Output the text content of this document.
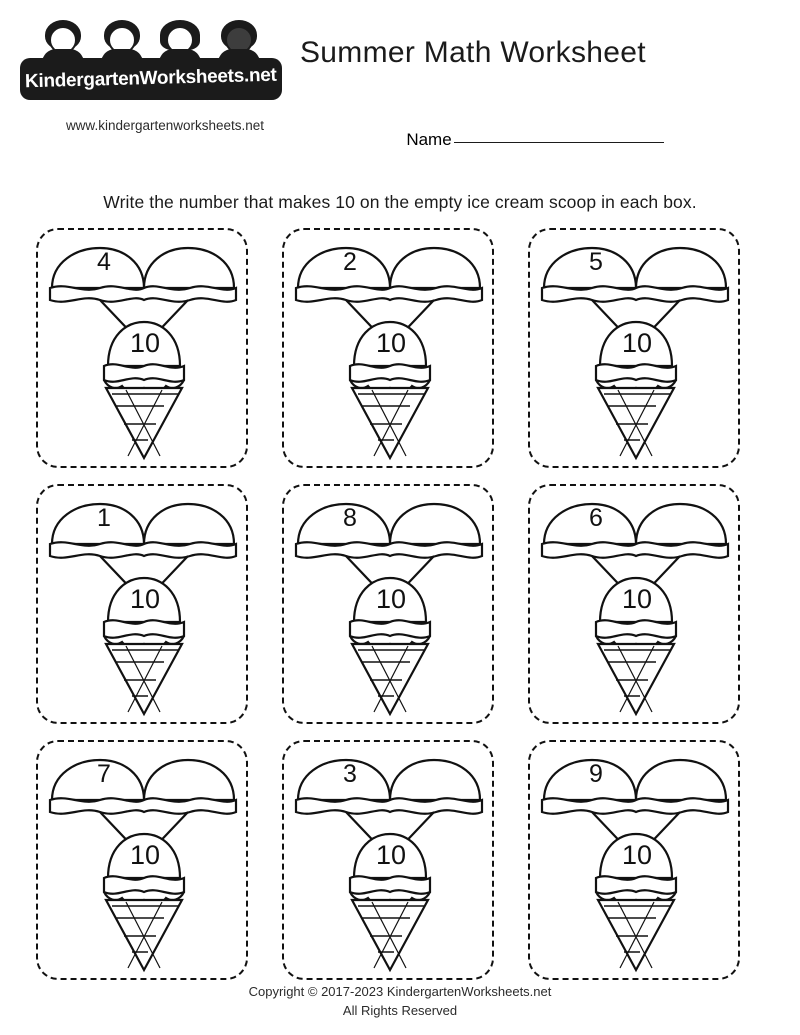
KindergartenWorksheets.net
www.kindergartenworksheets.net
Summer Math Worksheet
Name
Write the number that makes 10 on the empty ice cream scoop in each box.
4
10
2
10
5
10
1
10
8
10
6
10
7
10
3
10
9
10
Copyright © 2017-2023 KindergartenWorksheets.net
All Rights Reserved
